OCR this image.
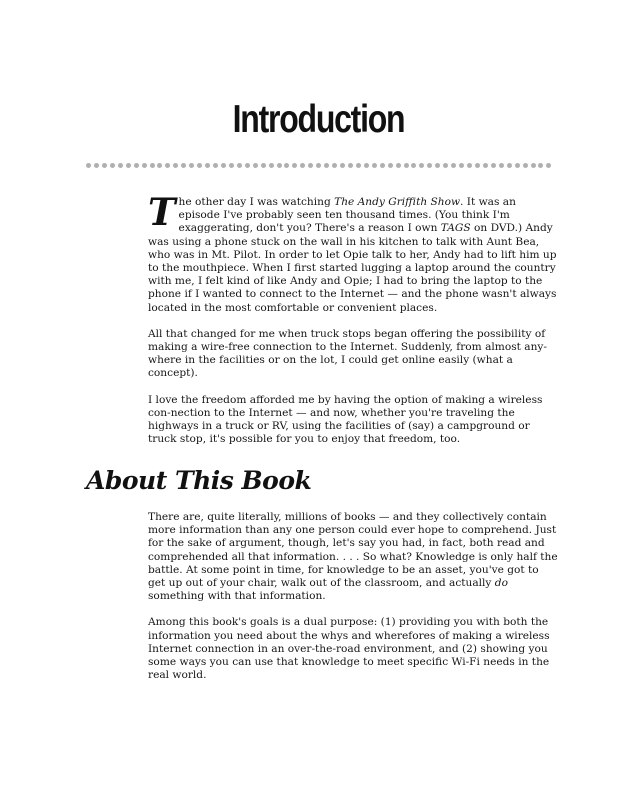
Introduction

The other day I was watching The Andy Griffith Show. It was an episode I've probably seen ten thousand times. (You think I'm exaggerating, don't you? There's a reason I own TAGS on DVD.) Andy was using a phone stuck on the wall in his kitchen to talk with Aunt Bea, who was in Mt. Pilot. In order to let Opie talk to her, Andy had to lift him up to the mouthpiece. When I first started lugging a laptop around the country with me, I felt kind of like Andy and Opie; I had to bring the laptop to the phone if I wanted to connect to the Internet — and the phone wasn't always located in the most comfortable or convenient places.

All that changed for me when truck stops began offering the possibility of making a wire-free connection to the Internet. Suddenly, from almost any-where in the facilities or on the lot, I could get online easily (what a concept).

I love the freedom afforded me by having the option of making a wireless con-nection to the Internet — and now, whether you're traveling the highways in a truck or RV, using the facilities of (say) a campground or truck stop, it's possible for you to enjoy that freedom, too.

About This Book

There are, quite literally, millions of books — and they collectively contain more information than any one person could ever hope to comprehend. Just for the sake of argument, though, let's say you had, in fact, both read and comprehended all that information. . . . So what? Knowledge is only half the battle. At some point in time, for knowledge to be an asset, you've got to get up out of your chair, walk out of the classroom, and actually do something with that information.

Among this book's goals is a dual purpose: (1) providing you with both the information you need about the whys and wherefores of making a wireless Internet connection in an over-the-road environment, and (2) showing you some ways you can use that knowledge to meet specific Wi-Fi needs in the real world.
